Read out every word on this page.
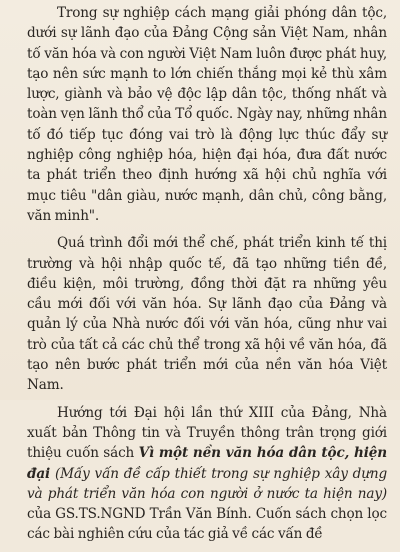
Trong sự nghiệp cách mạng giải phóng dân tộc, dưới sự lãnh đạo của Đảng Cộng sản Việt Nam, nhân tố văn hóa và con người Việt Nam luôn được phát huy, tạo nên sức mạnh to lớn chiến thắng mọi kẻ thù xâm lược, giành và bảo vệ độc lập dân tộc, thống nhất và toàn vẹn lãnh thổ của Tổ quốc. Ngày nay, những nhân tố đó tiếp tục đóng vai trò là động lực thúc đẩy sự nghiệp công nghiệp hóa, hiện đại hóa, đưa đất nước ta phát triển theo định hướng xã hội chủ nghĩa với mục tiêu "dân giàu, nước mạnh, dân chủ, công bằng, văn minh".

Quá trình đổi mới thể chế, phát triển kinh tế thị trường và hội nhập quốc tế, đã tạo những tiền đề, điều kiện, môi trường, đồng thời đặt ra những yêu cầu mới đối với văn hóa. Sự lãnh đạo của Đảng và quản lý của Nhà nước đối với văn hóa, cũng như vai trò của tất cả các chủ thể trong xã hội về văn hóa, đã tạo nên bước phát triển mới của nền văn hóa Việt Nam.

Hướng tới Đại hội lần thứ XIII của Đảng, Nhà xuất bản Thông tin và Truyền thông trân trọng giới thiệu cuốn sách Vì một nền văn hóa dân tộc, hiện đại (Mấy vấn đề cấp thiết trong sự nghiệp xây dựng và phát triển văn hóa con người ở nước ta hiện nay) của GS.TS.NGND Trần Văn Bính. Cuốn sách chọn lọc các bài nghiên cứu của tác giả về các vấn đề
